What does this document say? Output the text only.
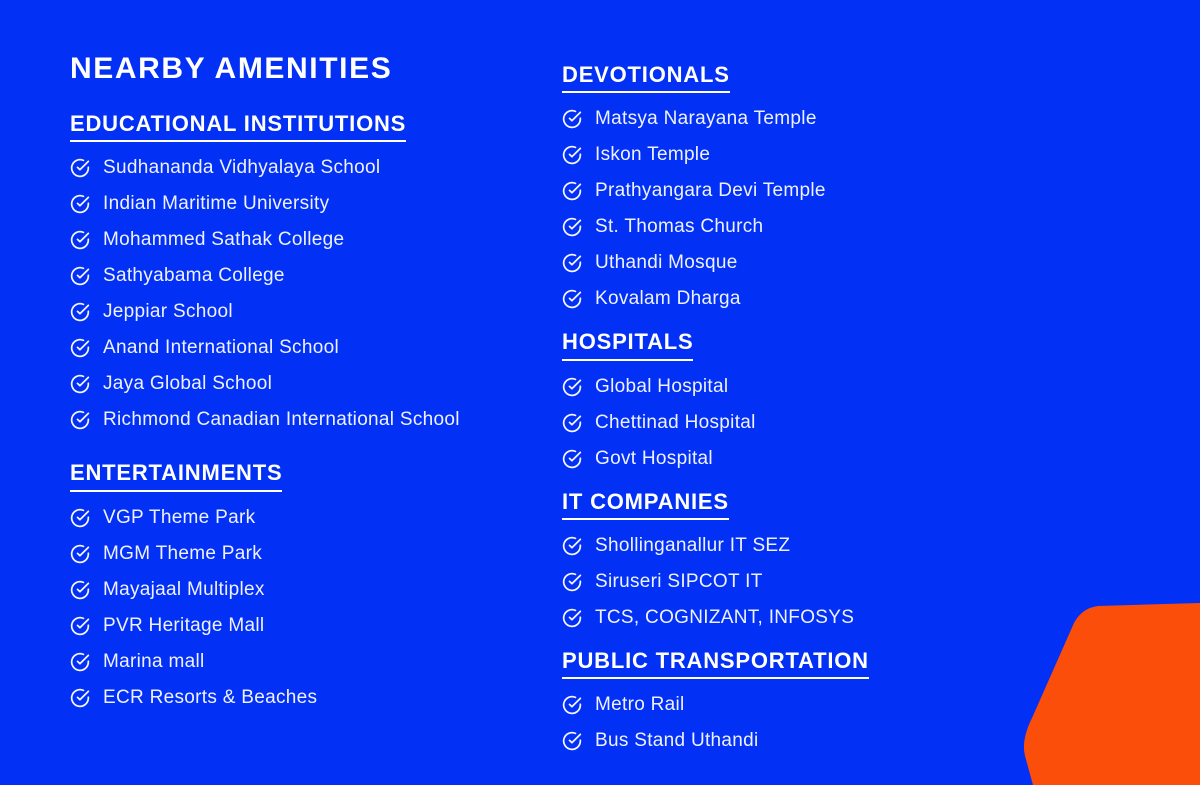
NEARBY AMENITIES
EDUCATIONAL INSTITUTIONS
Sudhananda Vidhyalaya School
Indian Maritime University
Mohammed Sathak College
Sathyabama College
Jeppiar School
Anand International School
Jaya Global School
Richmond Canadian International School
ENTERTAINMENTS
VGP Theme Park
MGM Theme Park
Mayajaal Multiplex
PVR Heritage Mall
Marina mall
ECR Resorts & Beaches
DEVOTIONALS
Matsya Narayana Temple
Iskon Temple
Prathyangara Devi Temple
St. Thomas Church
Uthandi Mosque
Kovalam Dharga
HOSPITALS
Global Hospital
Chettinad Hospital
Govt Hospital
IT COMPANIES
Shollinganallur IT SEZ
Siruseri SIPCOT IT
TCS, COGNIZANT, INFOSYS
PUBLIC TRANSPORTATION
Metro Rail
Bus Stand Uthandi
